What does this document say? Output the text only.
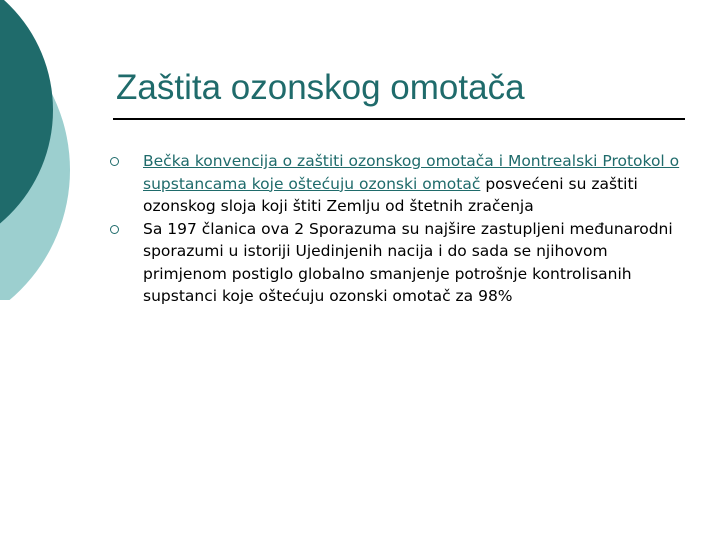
Zaštita ozonskog omotača
Bečka konvencija o zaštiti ozonskog omotača i Montrealski Protokol o supstancama koje oštećuju ozonski omotač posvećeni su zaštiti ozonskog sloja koji štiti Zemlju od štetnih zračenja
Sa 197 članica ova 2 Sporazuma su najšire zastupljeni međunarodni sporazumi u istoriji Ujedinjenih nacija i do sada se njihovom primjenom postiglo globalno smanjenje potrošnje kontrolisanih supstanci koje oštećuju ozonski omotač za 98%
